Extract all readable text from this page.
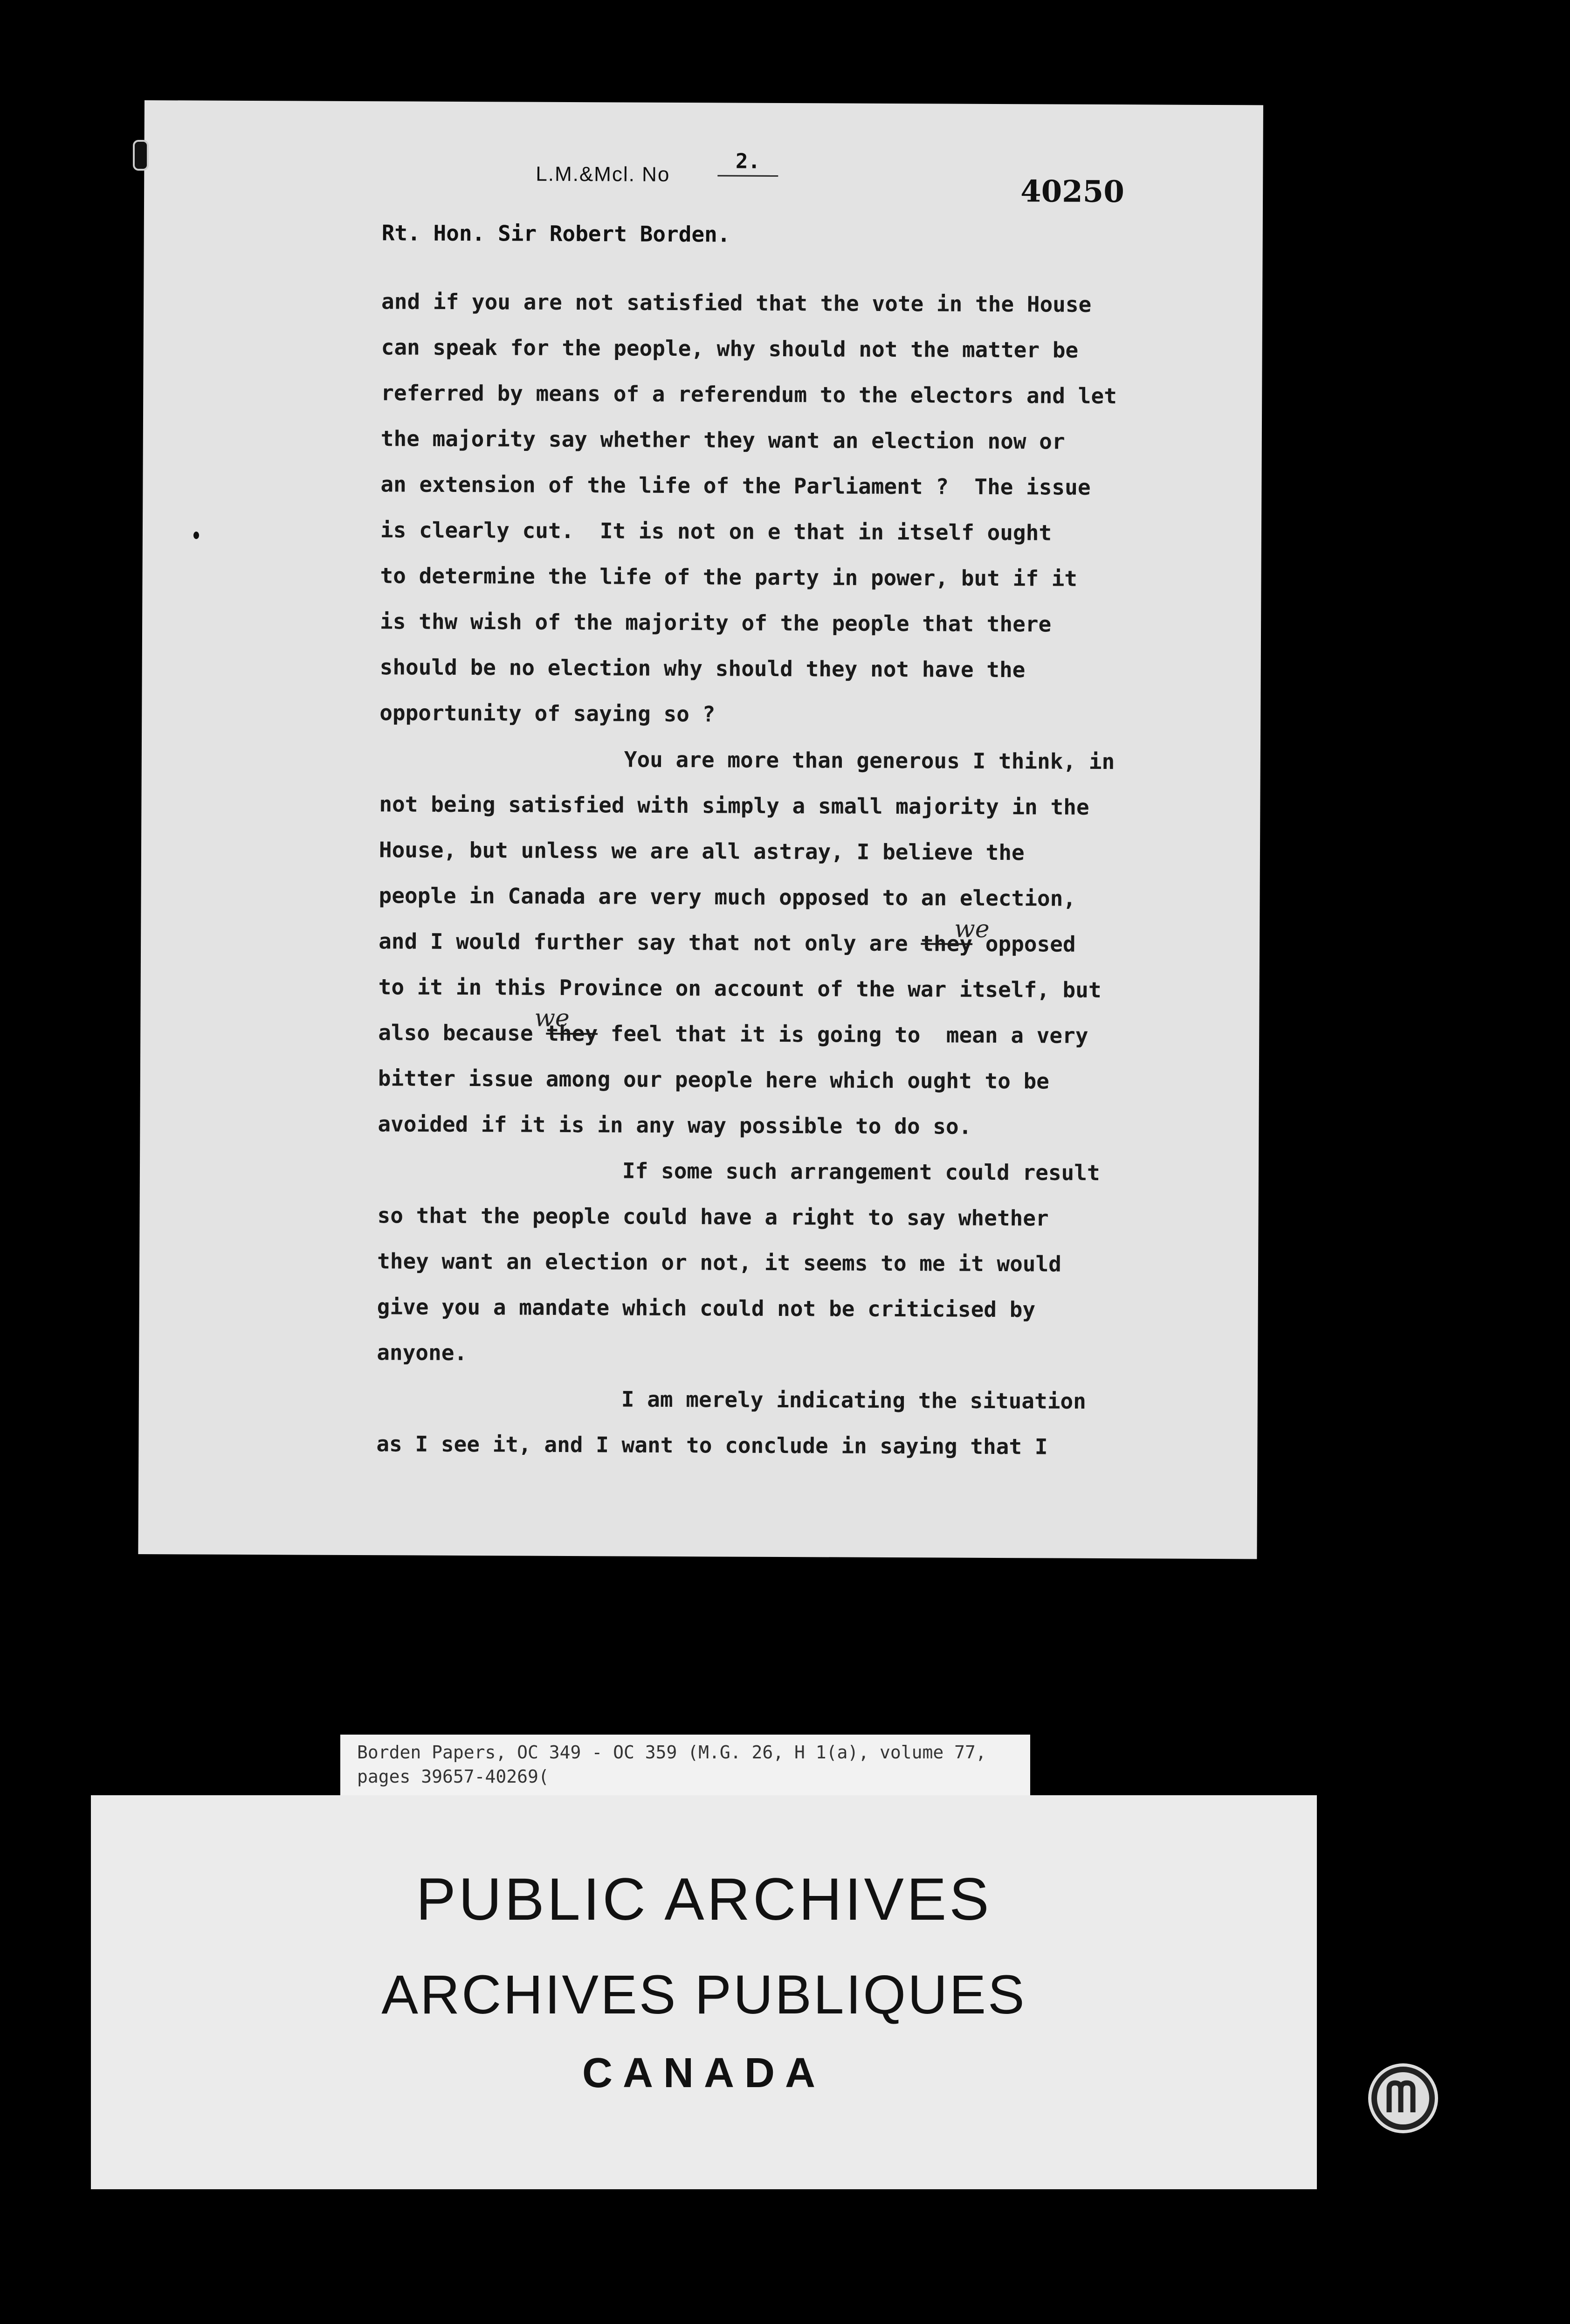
L.M.&Mcl. No
2.
40250
Rt. Hon. Sir Robert Borden.
and if you are not satisfied that the vote in the House
can speak for the people, why should not the matter be
referred by means of a referendum to the electors and let
the majority say whether they want an election now or
an extension of the life of the Parliament ?  The issue
is clearly cut.  It is not on e that in itself ought
to determine the life of the party in power, but if it
is thw wish of the majority of the people that there
should be no election why should they not have the
opportunity of saying so ?
You are more than generous I think, in
not being satisfied with simply a small majority in the
House, but unless we are all astray, I believe the
people in Canada are very much opposed to an election,
and I would further say that not only are they opposed
to it in this Province on account of the war itself, but
also because they feel that it is going to  mean a very
bitter issue among our people here which ought to be
avoided if it is in any way possible to do so.
If some such arrangement could result
so that the people could have a right to say whether
they want an election or not, it seems to me it would
give you a mandate which could not be criticised by
anyone.
I am merely indicating the situation
as I see it, and I want to conclude in saying that I
we
we
Borden Papers, OC 349 - OC 359 (M.G. 26, H 1(a), volume 77,
pages 39657-40269(
PUBLIC ARCHIVES
ARCHIVES PUBLIQUES
CANADA
